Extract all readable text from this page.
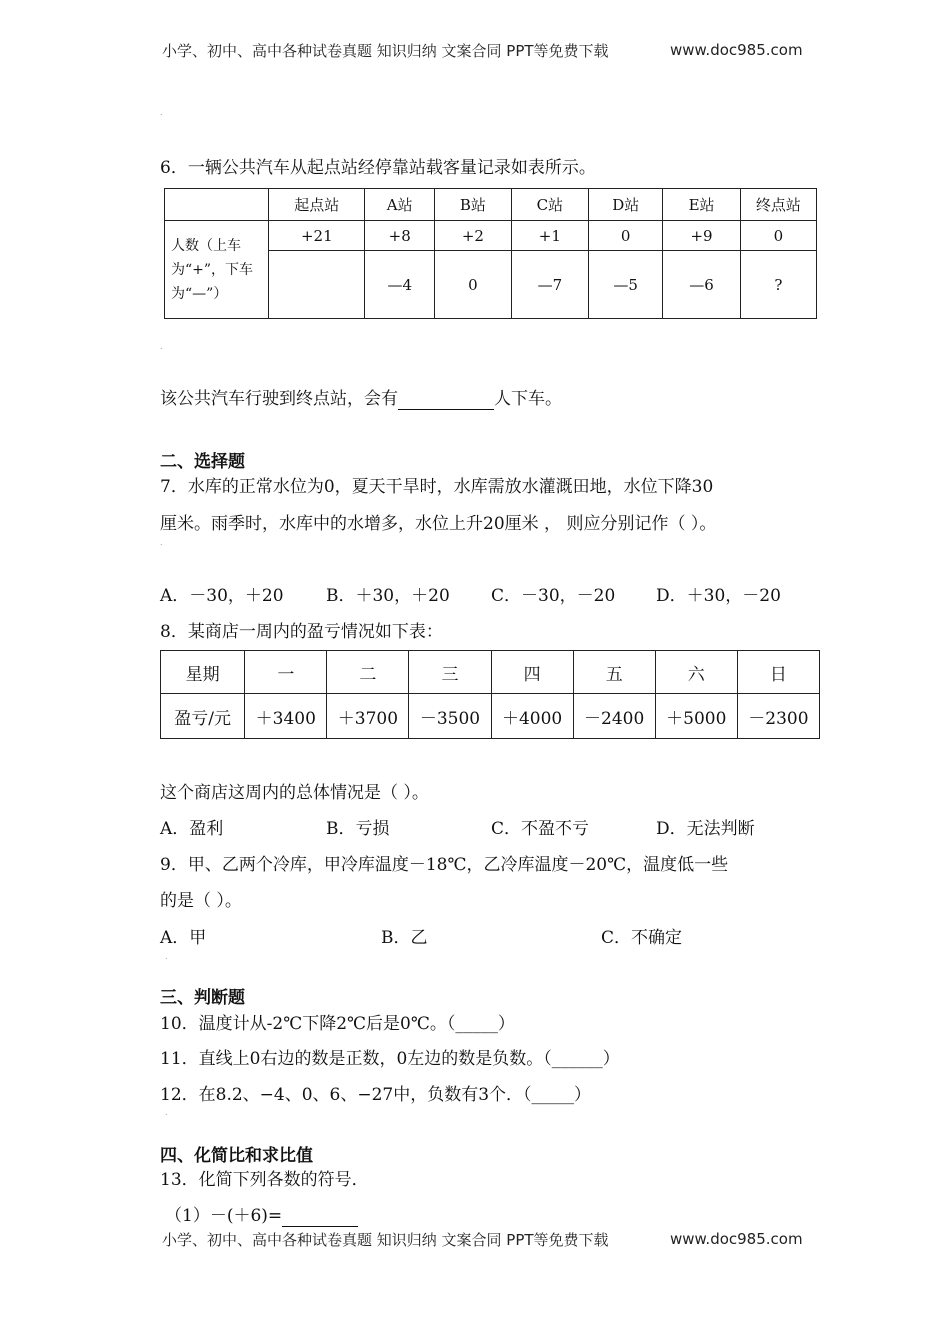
小学、初中、高中各种试卷真题 知识归纳 文案合同 PPT等免费下载	www.doc985.com
.
6．一辆公共汽车从起点站经停靠站载客量记录如表所示。
	起点站	A站	B站	C站	D站	E站	终点站
人数（上车为“+”，下车为“—”）	+21	+8	+2	+1	0	+9	0
		—4	0	—7	—5	—6	?
.
该公共汽车行驶到终点站，会有	人下车。
二、选择题
7．水库的正常水位为0，夏天干旱时，水库需放水灌溉田地，水位下降30
厘米。雨季时，水库中的水增多，水位上升20厘米 ， 则应分别记作（ ）。
.
A．－30，＋20 B．＋30，＋20 C．－30，－20 D．＋30，－20
8．某商店一周内的盈亏情况如下表：
星期	一	二	三	四	五	六	日
盈亏/元	＋3400	＋3700	－3500	＋4000	－2400	＋5000	－2300
这个商店这周内的总体情况是（ ）。
A．盈利	B．亏损	C．不盈不亏	D．无法判断
9．甲、乙两个冷库，甲冷库温度－18℃，乙冷库温度－20℃，温度低一些
的是（ ）。
A．甲	B．乙	C．不确定
.
三、判断题
10．温度计从-2℃下降2℃后是0℃。（_____）
11．直线上0右边的数是正数，0左边的数是负数。（______）
12．在8.2、−4、0、6、−27中，负数有3个．（_____）
.
四、化简比和求比值
13．化简下列各数的符号．
（1）－(＋6)=
小学、初中、高中各种试卷真题 知识归纳 文案合同 PPT等免费下载	www.doc985.com
